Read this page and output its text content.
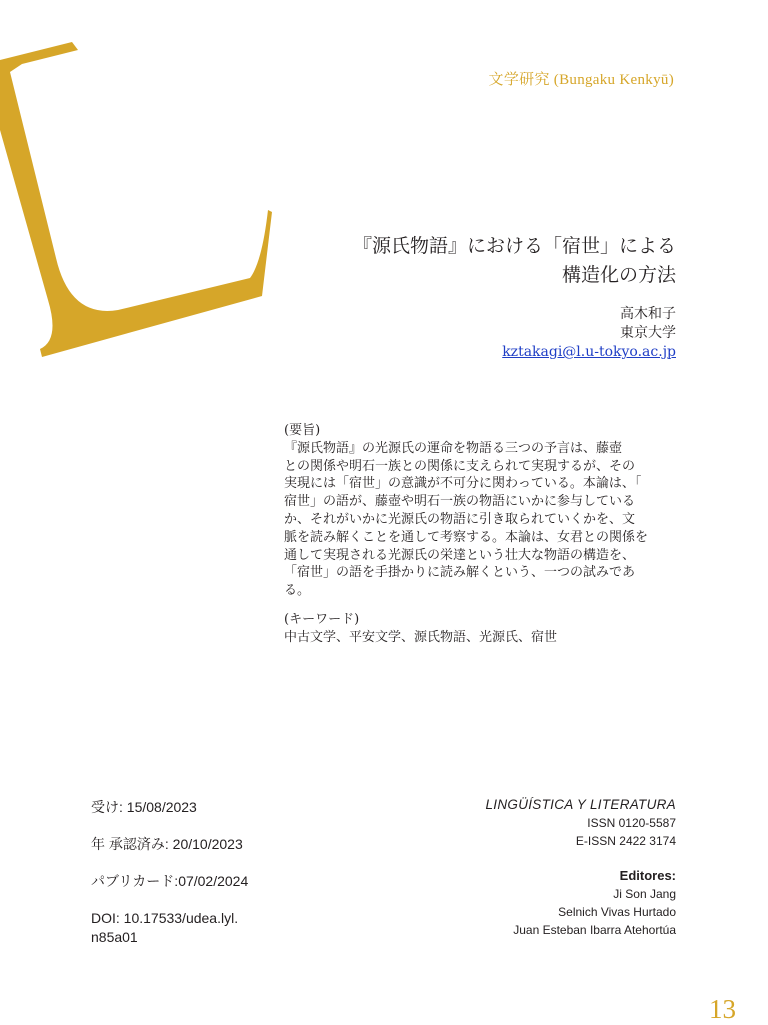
文学研究 (Bungaku Kenkyū)
『源氏物語』における「宿世」による
構造化の方法
高木和子
東京大学
kztakagi@l.u-tokyo.ac.jp

(要旨)

『源氏物語』の光源氏の運命を物語る三つの予言は、藤壺

との関係や明石一族との関係に支えられて実現するが、その

実現には「宿世」の意識が不可分に関わっている。本論は、「

宿世」の語が、藤壺や明石一族の物語にいかに参与している

か、それがいかに光源氏の物語に引き取られていくかを、文

脈を読み解くことを通して考察する。本論は、女君との関係を

通して実現される光源氏の栄達という壮大な物語の構造を、

「宿世」の語を手掛かりに読み解くという、一つの試みであ

る。

(キーワード)

中古文学、平安文学、源氏物語、光源氏、宿世

受け: 15/08/2023
年 承認済み: 20/10/2023
パブリカード:07/02/2024
DOI: 10.17533/udea.lyl.
n85a01
LINGÜÍSTICA Y LITERATURA
ISSN 0120-5587
E-ISSN 2422 3174
Editores:
Ji Son Jang
Selnich Vivas Hurtado
Juan Esteban Ibarra Atehortúa
13
